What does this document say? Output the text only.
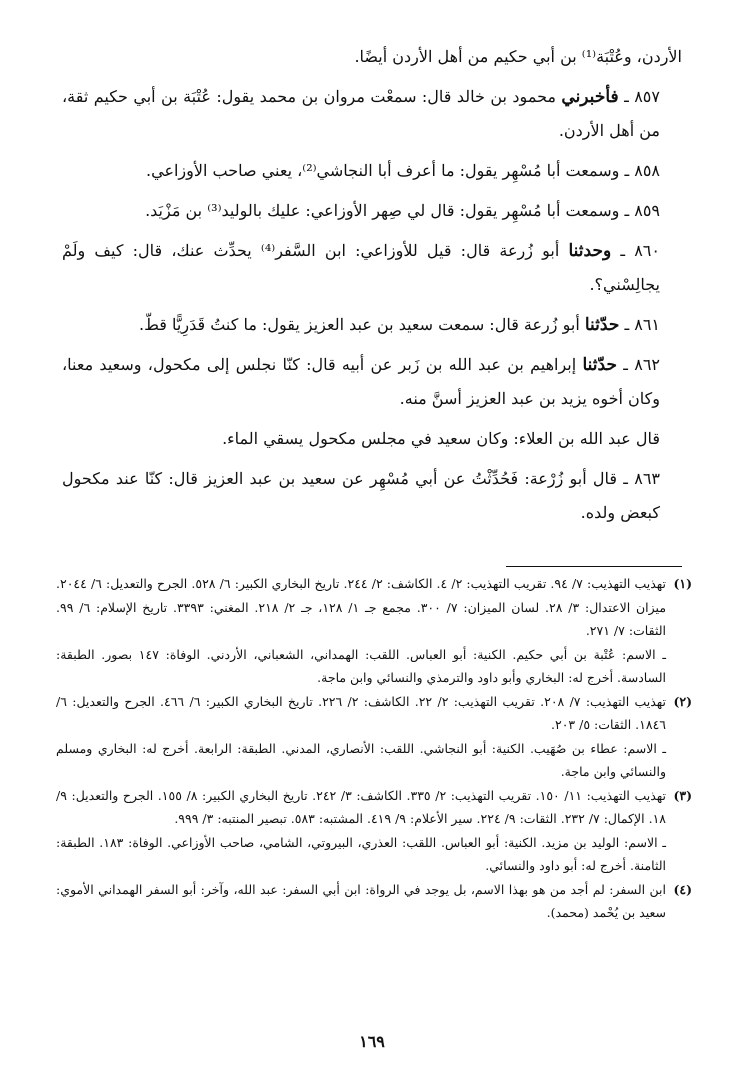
الأردن، وعُتْبَة⁽¹⁾ بن أبي حكيم من أهل الأردن أيضًا.

٨٥٧ ـ فأخبرني محمود بن خالد قال: سمعْت مروان بن محمد يقول: عُتْبَة بن أبي حكيم ثقة، من أهل الأردن.

٨٥٨ ـ وسمعت أبا مُسْهِر يقول: ما أعرف أبا النجاشي⁽²⁾، يعني صاحب الأوزاعي.

٨٥٩ ـ وسمعت أبا مُسْهِر يقول: قال لي صِهر الأوزاعي: عليك بالوليد⁽³⁾ بن مَزْيَد.

٨٦٠ ـ وحدثنا أبو زُرعة قال: قيل للأوزاعي: ابن السَّفر⁽⁴⁾ يحدِّث عنك، قال: كيف ولَمْ يجالِسْني؟.

٨٦١ ـ حدّثنا أبو زُرعة قال: سمعت سعيد بن عبد العزيز يقول: ما كنتُ قَدَرِيًّا قطّ.

٨٦٢ ـ حدّثنا إبراهيم بن عبد الله بن زَبر عن أبيه قال: كنّا نجلس إلى مكحول، وسعيد معنا، وكان أخوه يزيد بن عبد العزيز أسنَّ منه.

قال عبد الله بن العلاء: وكان سعيد في مجلس مكحول يسقي الماء.

٨٦٣ ـ قال أبو زُرْعة: فَحُدِّثْتُ عن أبي مُسْهِر عن سعيد بن عبد العزيز قال: كنّا عند مكحول كبعض ولده.

(١)
تهذيب التهذيب: ٧/ ٩٤. تقريب التهذيب: ٢/ ٤. الكاشف: ٢/ ٢٤٤. تاريخ البخاري الكبير: ٦/ ٥٢٨. الجرح والتعديل: ٦/ ٢٠٤٤. ميزان الاعتدال: ٣/ ٢٨. لسان الميزان: ٧/ ٣٠٠. مجمع جـ ١/ ١٢٨، جـ ٢/ ٢١٨. المغني: ٣٣٩٣. تاريخ الإسلام: ٦/ ٩٩. الثقات: ٧/ ٢٧١.
ـ الاسم: عُتْبة بن أبي حكيم. الكنية: أبو العباس. اللقب: الهمداني، الشعباني، الأردني. الوفاة: ١٤٧ بصور. الطبقة: السادسة. أخرج له: البخاري وأبو داود والترمذي والنسائي وابن ماجة.
(٢)
تهذيب التهذيب: ٧/ ٢٠٨. تقريب التهذيب: ٢/ ٢٢. الكاشف: ٢/ ٢٢٦. تاريخ البخاري الكبير: ٦/ ٤٦٦. الجرح والتعديل: ٦/ ١٨٤٦. الثقات: ٥/ ٢٠٣.
ـ الاسم: عطاء بن صُهَيب. الكنية: أبو النجاشي. اللقب: الأنصاري، المدني. الطبقة: الرابعة. أخرج له: البخاري ومسلم والنسائي وابن ماجة.
(٣)
تهذيب التهذيب: ١١/ ١٥٠. تقريب التهذيب: ٢/ ٣٣٥. الكاشف: ٣/ ٢٤٢. تاريخ البخاري الكبير: ٨/ ١٥٥. الجرح والتعديل: ٩/ ١٨. الإكمال: ٧/ ٢٣٢. الثقات: ٩/ ٢٢٤. سير الأعلام: ٩/ ٤١٩. المشتبه: ٥٨٣. تبصير المنتبه: ٣/ ٩٩٩.
ـ الاسم: الوليد بن مزيد. الكنية: أبو العباس. اللقب: العذري، البيروتي، الشامي، صاحب الأوزاعي. الوفاة: ١٨٣. الطبقة: الثامنة. أخرج له: أبو داود والنسائي.
(٤)
ابن السفر: لم أجد من هو بهذا الاسم، بل يوجد في الرواة: ابن أبي السفر: عبد الله، وآخر: أبو السفر الهمداني الأموي: سعيد بن يُحْمد (محمد).
١٦٩
